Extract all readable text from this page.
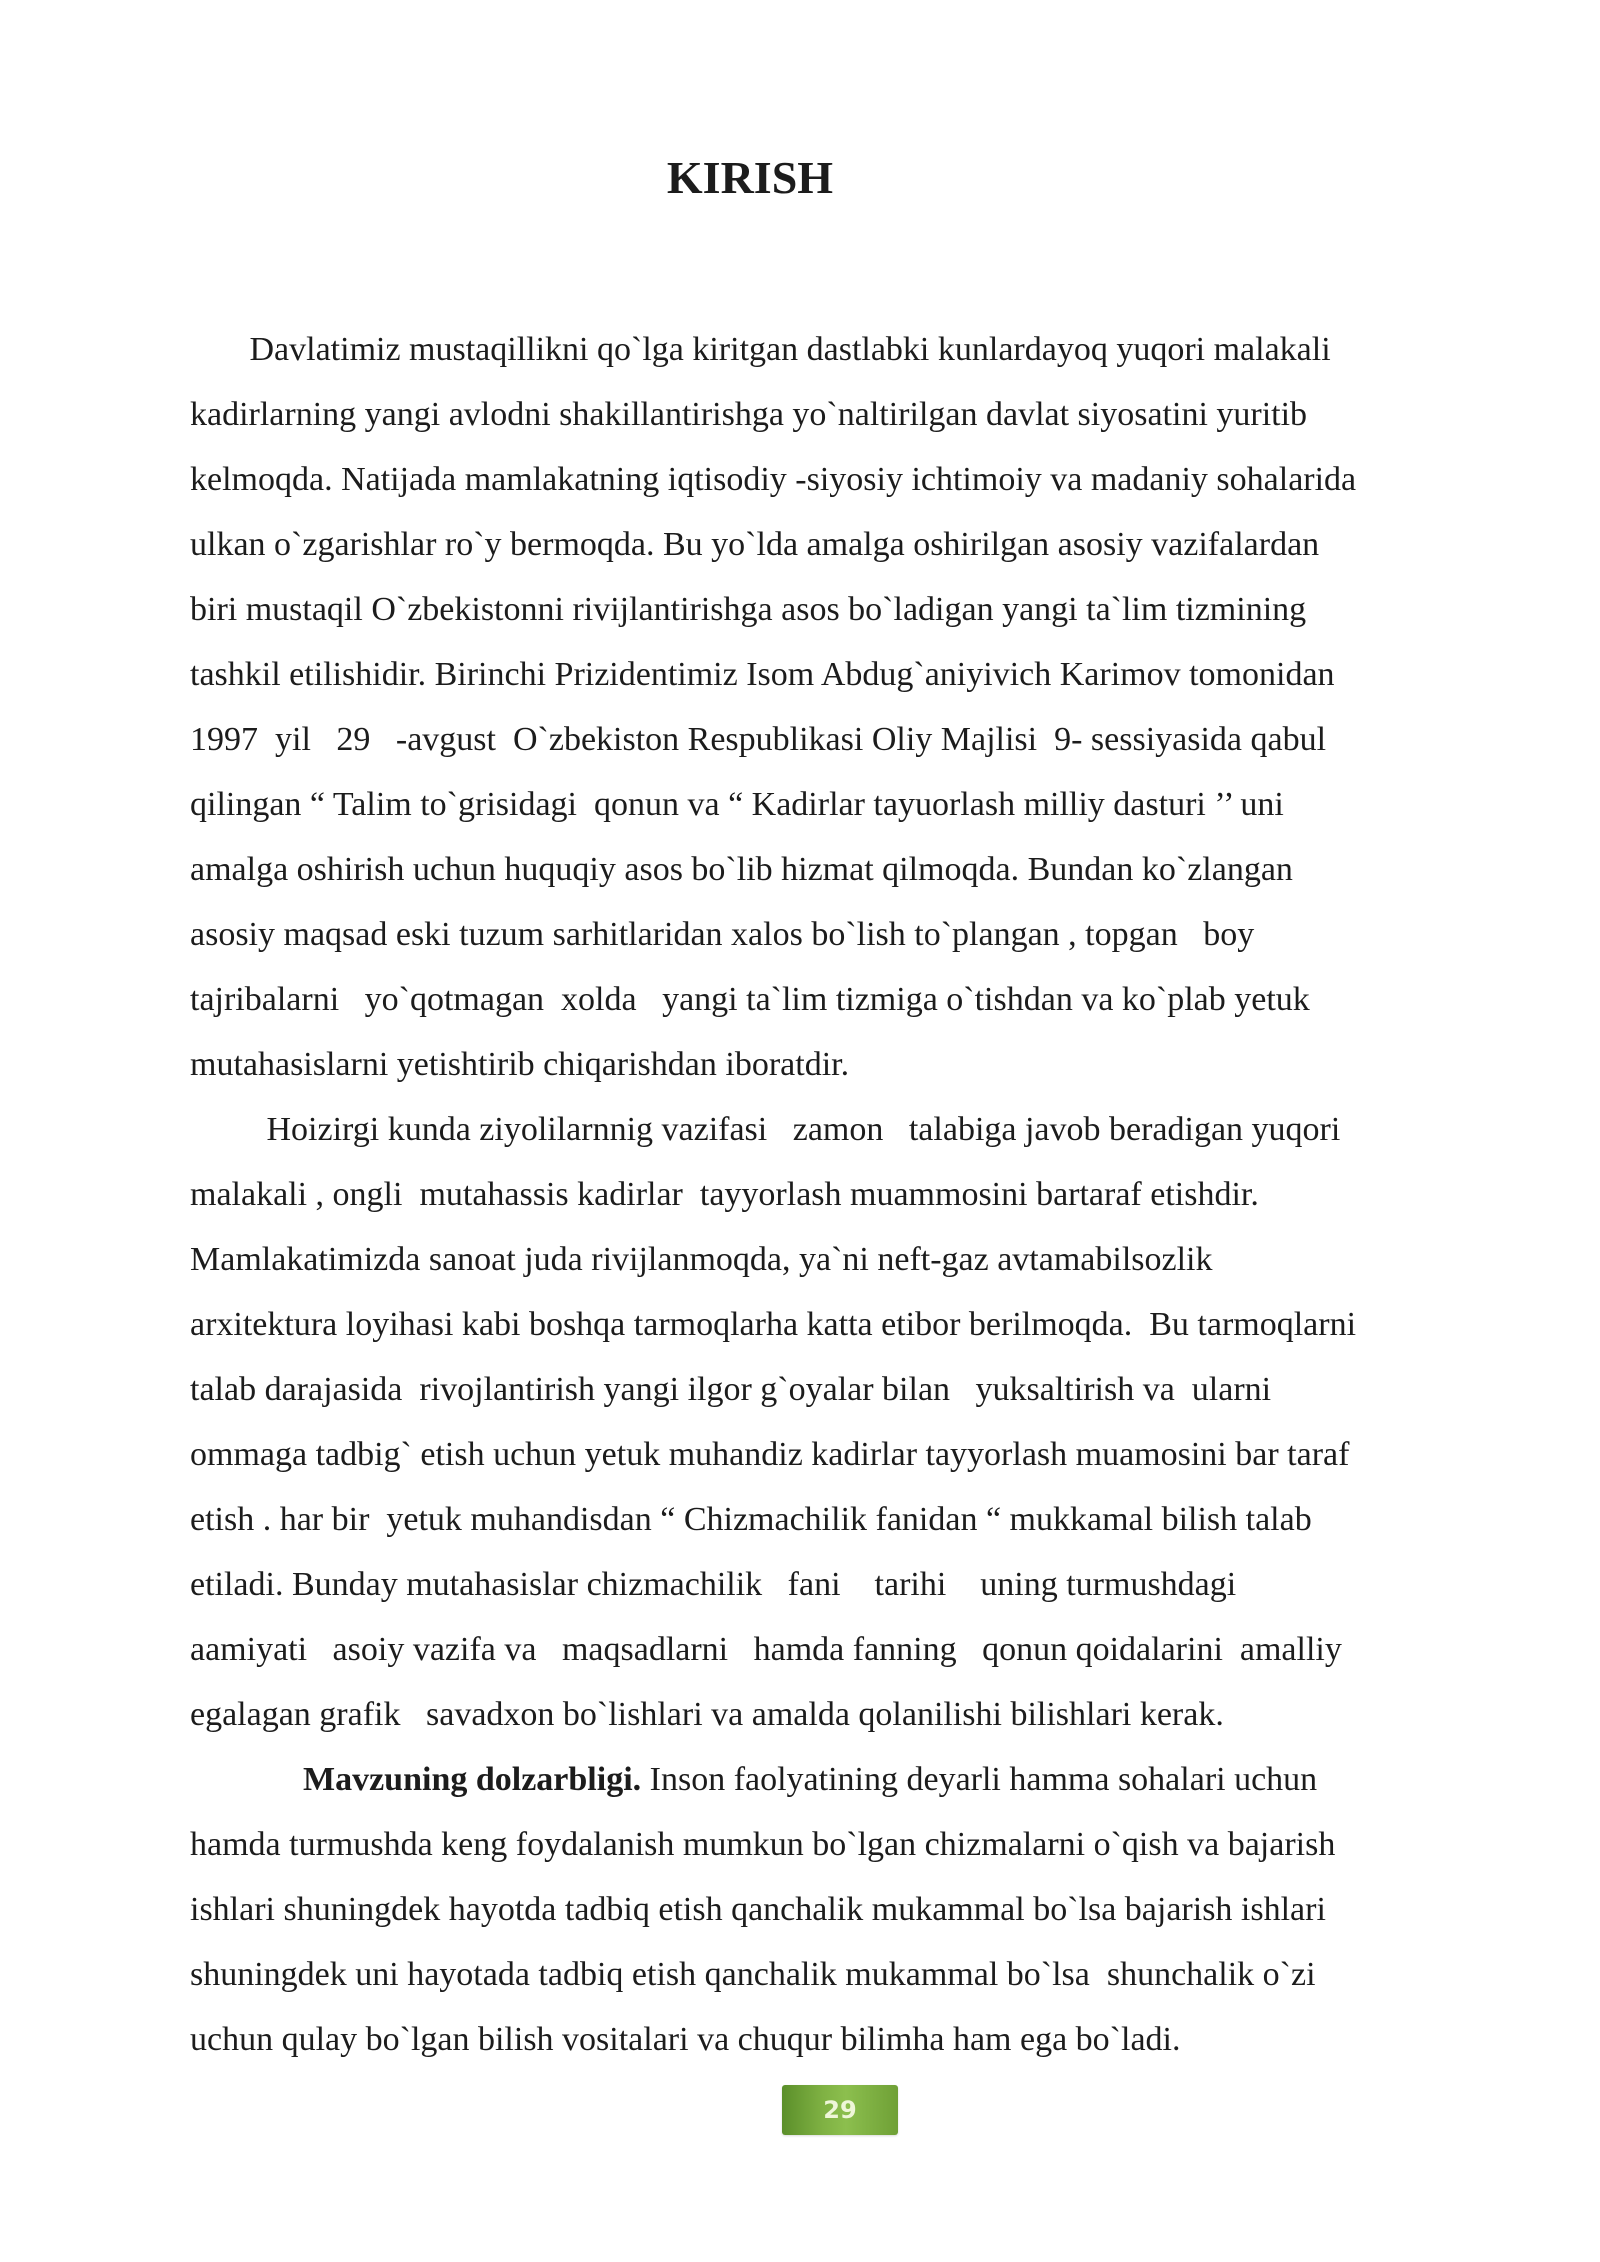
KIRISH
Davlatimiz mustaqillikni qo`lga kiritgan dastlabki kunlardayoq yuqori malakali
kadirlarning yangi avlodni shakillantirishga yo`naltirilgan davlat siyosatini yuritib
kelmoqda. Natijada mamlakatning iqtisodiy -siyosiy ichtimoiy va madaniy sohalarida
ulkan o`zgarishlar ro`y bermoqda. Bu yo`lda amalga oshirilgan asosiy vazifalardan
biri mustaqil O`zbekistonni rivijlantirishga asos bo`ladigan yangi ta`lim tizmining
tashkil etilishidir. Birinchi Prizidentimiz Isom Abdug`aniyivich Karimov tomonidan
1997  yil   29   -avgust  O`zbekiston Respublikasi Oliy Majlisi  9- sessiyasida qabul
qilingan “ Talim to`grisidagi  qonun va “ Kadirlar tayuorlash milliy dasturi ’’ uni
amalga oshirish uchun huquqiy asos bo`lib hizmat qilmoqda. Bundan ko`zlangan
asosiy maqsad eski tuzum sarhitlaridan xalos bo`lish to`plangan , topgan   boy
tajribalarni   yo`qotmagan  xolda   yangi ta`lim tizmiga o`tishdan va ko`plab yetuk
mutahasislarni yetishtirib chiqarishdan iboratdir.
Hoizirgi kunda ziyolilarnnig vazifasi   zamon   talabiga javob beradigan yuqori
malakali , ongli  mutahassis kadirlar  tayyorlash muammosini bartaraf etishdir.
Mamlakatimizda sanoat juda rivijlanmoqda, ya`ni neft-gaz avtamabilsozlik
arxitektura loyihasi kabi boshqa tarmoqlarha katta etibor berilmoqda.  Bu tarmoqlarni
talab darajasida  rivojlantirish yangi ilgor g`oyalar bilan   yuksaltirish va  ularni
ommaga tadbig` etish uchun yetuk muhandiz kadirlar tayyorlash muamosini bar taraf
etish . har bir  yetuk muhandisdan “ Chizmachilik fanidan “ mukkamal bilish talab
etiladi. Bunday mutahasislar chizmachilik   fani    tarihi    uning turmushdagi
aamiyati   asoiy vazifa va   maqsadlarni   hamda fanning   qonun qoidalarini  amalliy
egalagan grafik   savadxon bo`lishlari va amalda qolanilishi bilishlari kerak.
Mavzuning dolzarbligi. Inson faolyatining deyarli hamma sohalari uchun
hamda turmushda keng foydalanish mumkun bo`lgan chizmalarni o`qish va bajarish
ishlari shuningdek hayotda tadbiq etish qanchalik mukammal bo`lsa bajarish ishlari
shuningdek uni hayotada tadbiq etish qanchalik mukammal bo`lsa  shunchalik o`zi
uchun qulay bo`lgan bilish vositalari va chuqur bilimha ham ega bo`ladi.
29
